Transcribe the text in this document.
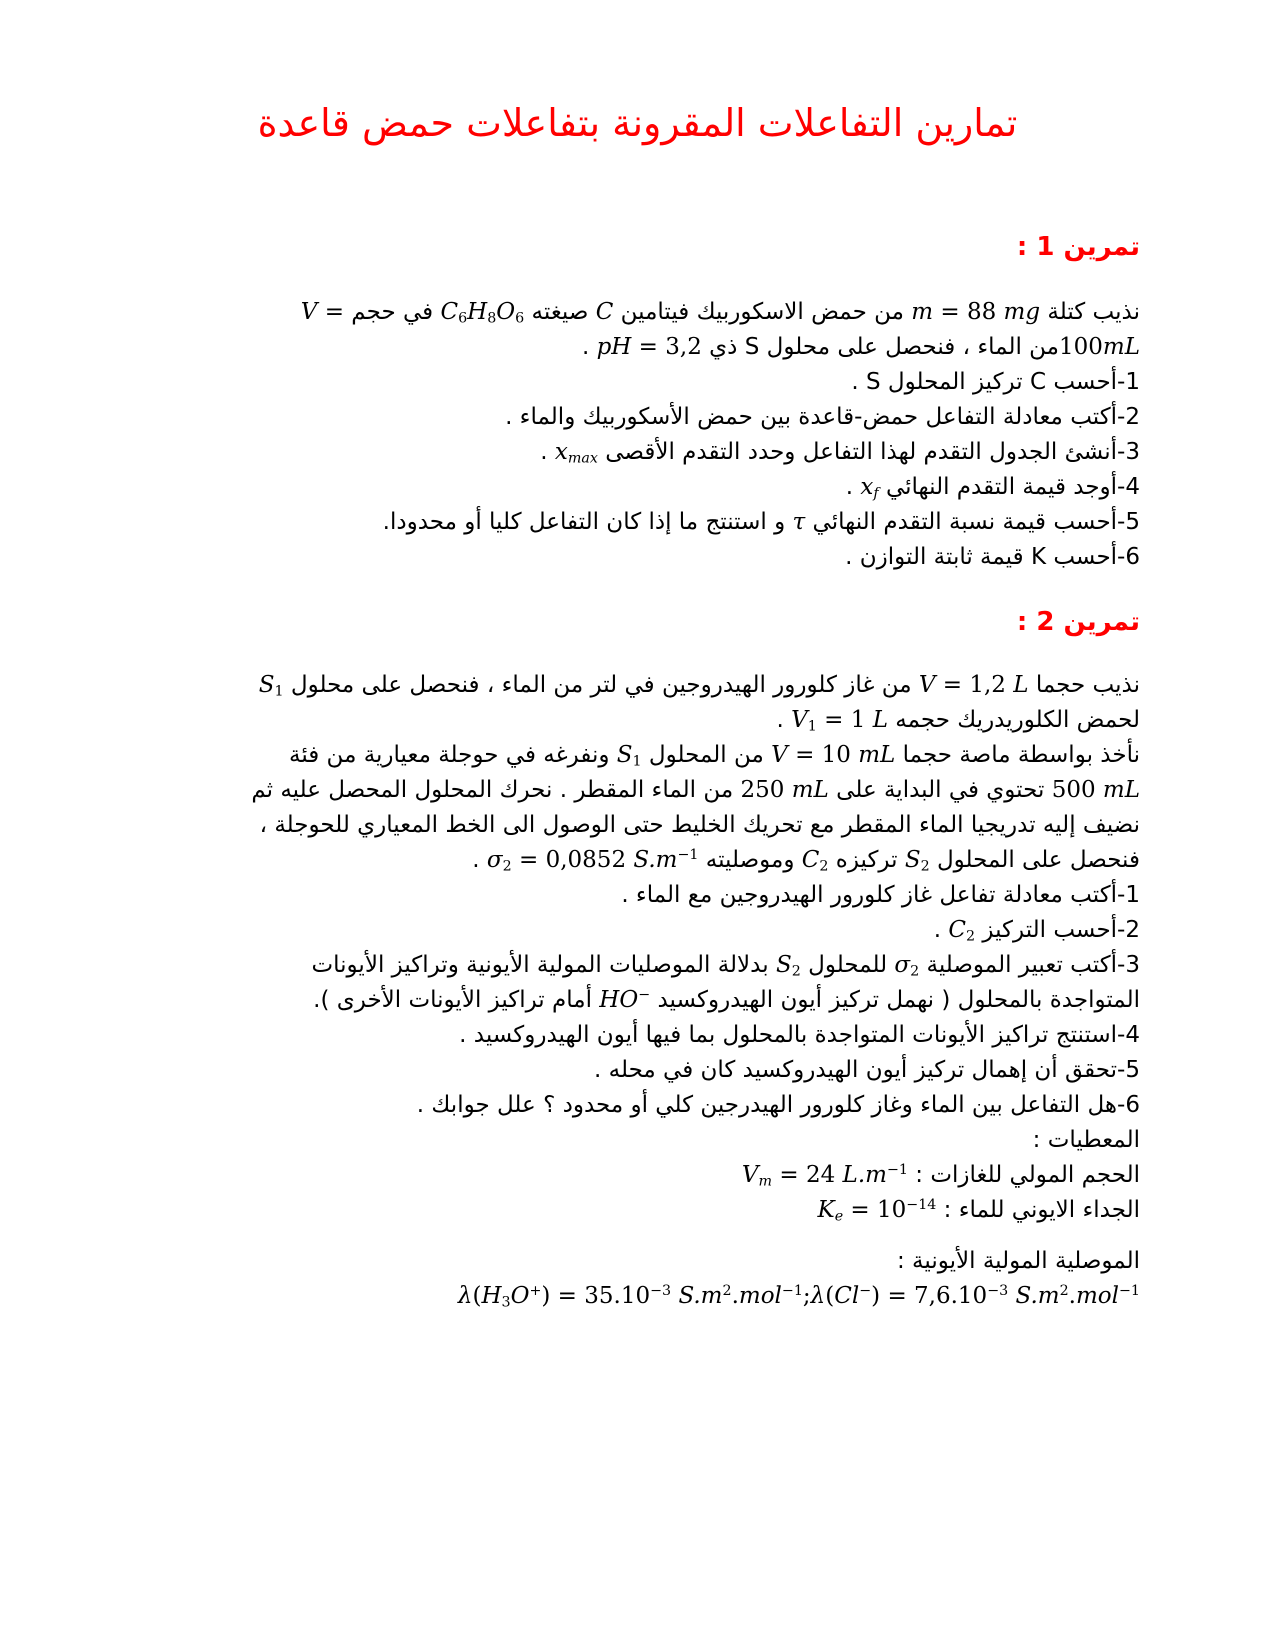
تمارين التفاعلات المقرونة بتفاعلات حمض قاعدة
تمرين 1 :
نذيب كتلة m = 88 mg من حمض الاسكوربيك فيتامين C صيغته $C_6H_8O_6$ في حجم V =
100mLمن الماء ، فنحصل على محلول S ذي pH = 3,2 .
1-أحسب C تركيز المحلول S .
2-أكتب معادلة التفاعل حمض-قاعدة بين حمض الأسكوربيك والماء .
3-أنشئ الجدول التقدم لهذا التفاعل وحدد التقدم الأقصى $x_{max}$ .
4-أوجد قيمة التقدم النهائي $x_f$ .
5-أحسب قيمة نسبة التقدم النهائي τ و استنتج ما إذا كان التفاعل كليا أو محدودا.
6-أحسب K قيمة ثابتة التوازن .
تمرين 2 :
نذيب حجما V = 1,2 L من غاز كلورور الهيدروجين في لتر من الماء ، فنحصل على محلول $S_1$
لحمض الكلوريدريك حجمه $V_1 = 1$ L .
نأخذ بواسطة ماصة حجما V = 10 mL من المحلول $S_1$ ونفرغه في حوجلة معيارية من فئة
500 mL تحتوي في البداية على 250 mL من الماء المقطر . نحرك المحلول المحصل عليه ثم
نضيف إليه تدريجيا الماء المقطر مع تحريك الخليط حتى الوصول الى الخط المعياري للحوجلة ،
فنحصل على المحلول $S_2$ تركيزه $C_2$ وموصليته $\sigma_2 = 0,0852$ $S.m^{-1}$ .
1-أكتب معادلة تفاعل غاز كلورور الهيدروجين مع الماء .
2-أحسب التركيز $C_2$ .
3-أكتب تعبير الموصلية $\sigma_2$ للمحلول $S_2$ بدلالة الموصليات المولية الأيونية وتراكيز الأيونات
المتواجدة بالمحلول ( نهمل تركيز أيون الهيدروكسيد HO− أمام تراكيز الأيونات الأخرى ).
4-استنتج تراكيز الأيونات المتواجدة بالمحلول بما فيها أيون الهيدروكسيد .
5-تحقق أن إهمال تركيز أيون الهيدروكسيد كان في محله .
6-هل التفاعل بين الماء وغاز كلورور الهيدرجين كلي أو محدود ؟ علل جوابك .
المعطيات :
الحجم المولي للغازات : $V_m = 24$ $L.m^{-1}$
الجداء الايوني للماء : $K_e = 10^{-14}$
الموصلية المولية الأيونية :
$\lambda(H_3O^+) = 35.10^{-3}$ $S.m^2.mol^{-1};\lambda(Cl^-) = 7,6.10^{-3}$ $S.m^2.mol^{-1}$
